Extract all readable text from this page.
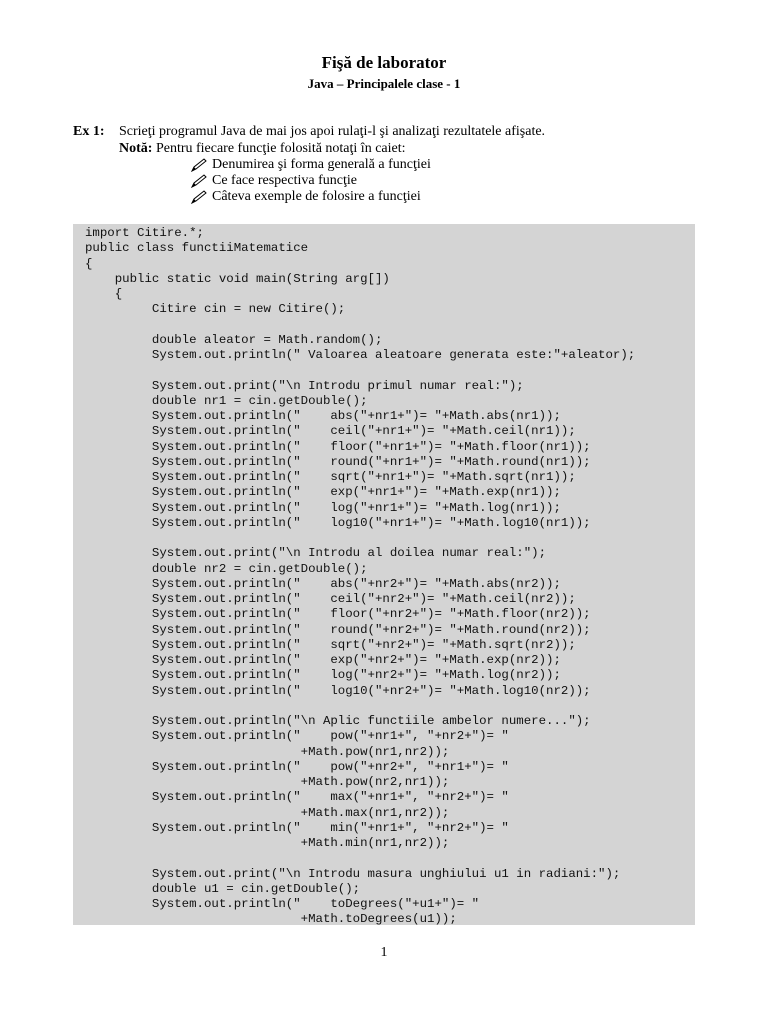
Fişă de laborator
Java – Principalele clase - 1
Ex 1: Scrieţi programul Java de mai jos apoi rulaţi-l şi analizaţi rezultatele afişate.
Notă: Pentru fiecare funcţie folosită notaţi în caiet:
Denumirea şi forma generală a funcţiei
Ce face respectiva funcţie
Câteva exemple de folosire a funcţiei
import Citire.*;
public class functiiMatematice
{
public static void main(String arg[])
{
Citire cin = new Citire();

double aleator = Math.random();
System.out.println(" Valoarea aleatoare generata este:"+aleator);

System.out.print("\n Introdu primul numar real:");
double nr1 = cin.getDouble();
System.out.println("    abs("+nr1+")= "+Math.abs(nr1));
System.out.println("    ceil("+nr1+")= "+Math.ceil(nr1));
System.out.println("    floor("+nr1+")= "+Math.floor(nr1));
System.out.println("    round("+nr1+")= "+Math.round(nr1));
System.out.println("    sqrt("+nr1+")= "+Math.sqrt(nr1));
System.out.println("    exp("+nr1+")= "+Math.exp(nr1));
System.out.println("    log("+nr1+")= "+Math.log(nr1));
System.out.println("    log10("+nr1+")= "+Math.log10(nr1));

System.out.print("\n Introdu al doilea numar real:");
double nr2 = cin.getDouble();
System.out.println("    abs("+nr2+")= "+Math.abs(nr2));
System.out.println("    ceil("+nr2+")= "+Math.ceil(nr2));
System.out.println("    floor("+nr2+")= "+Math.floor(nr2));
System.out.println("    round("+nr2+")= "+Math.round(nr2));
System.out.println("    sqrt("+nr2+")= "+Math.sqrt(nr2));
System.out.println("    exp("+nr2+")= "+Math.exp(nr2));
System.out.println("    log("+nr2+")= "+Math.log(nr2));
System.out.println("    log10("+nr2+")= "+Math.log10(nr2));

System.out.println("\n Aplic functiile ambelor numere...");
System.out.println("    pow("+nr1+", "+nr2+")= "
+Math.pow(nr1,nr2));
System.out.println("    pow("+nr2+", "+nr1+")= "
+Math.pow(nr2,nr1));
System.out.println("    max("+nr1+", "+nr2+")= "
+Math.max(nr1,nr2));
System.out.println("    min("+nr1+", "+nr2+")= "
+Math.min(nr1,nr2));

System.out.print("\n Introdu masura unghiului u1 in radiani:");
double u1 = cin.getDouble();
System.out.println("    toDegrees("+u1+")= "
+Math.toDegrees(u1));

1
